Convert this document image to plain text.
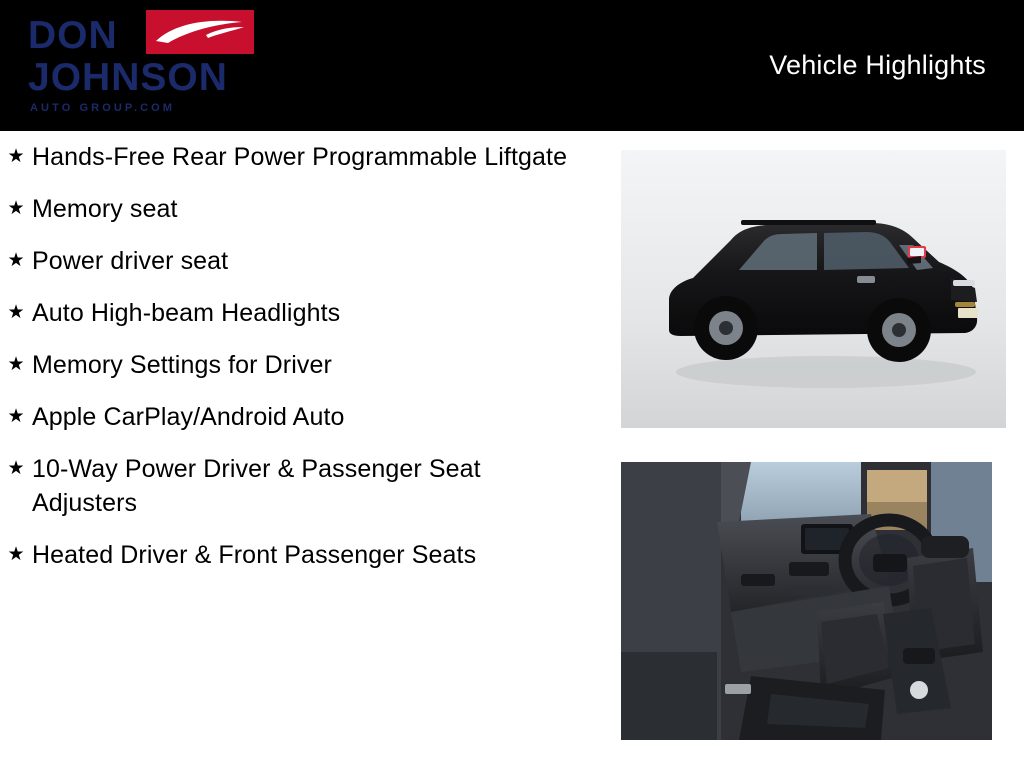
DON
JOHNSON
AUTO GROUP.COM
Vehicle Highlights
★ Hands-Free Rear Power Programmable Liftgate
★ Memory seat
★ Power driver seat
★ Auto High-beam Headlights
★ Memory Settings for Driver
★ Apple CarPlay/Android Auto
★ 10-Way Power Driver & Passenger Seat Adjusters
★ Heated Driver & Front Passenger Seats
